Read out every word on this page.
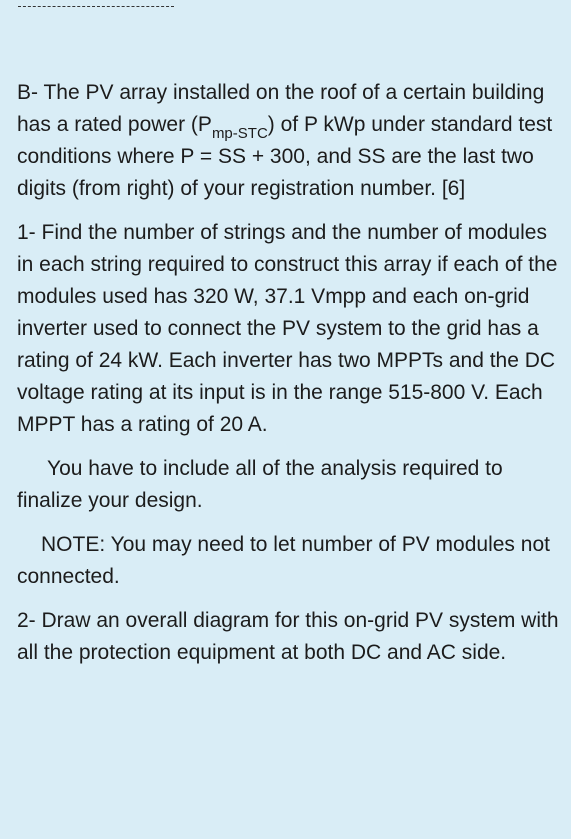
B- The PV array installed on the roof of a certain building has a rated power $(P_{mp-STC})$ of P kWp under standard test conditions where P = SS + 300, and SS are the last two digits (from right) of your registration number. [6]

1- Find the number of strings and the number of modules in each string required to construct this array if each of the modules used has 320 W, 37.1 Vmpp and each on-grid inverter used to connect the PV system to the grid has a rating of 24 kW. Each inverter has two MPPTs and the DC voltage rating at its input is in the range 515-800 V. Each MPPT has a rating of 20 A.

You have to include all of the analysis required to finalize your design.

NOTE: You may need to let number of PV modules not connected.

2- Draw an overall diagram for this on-grid PV system with all the protection equipment at both DC and AC side.
